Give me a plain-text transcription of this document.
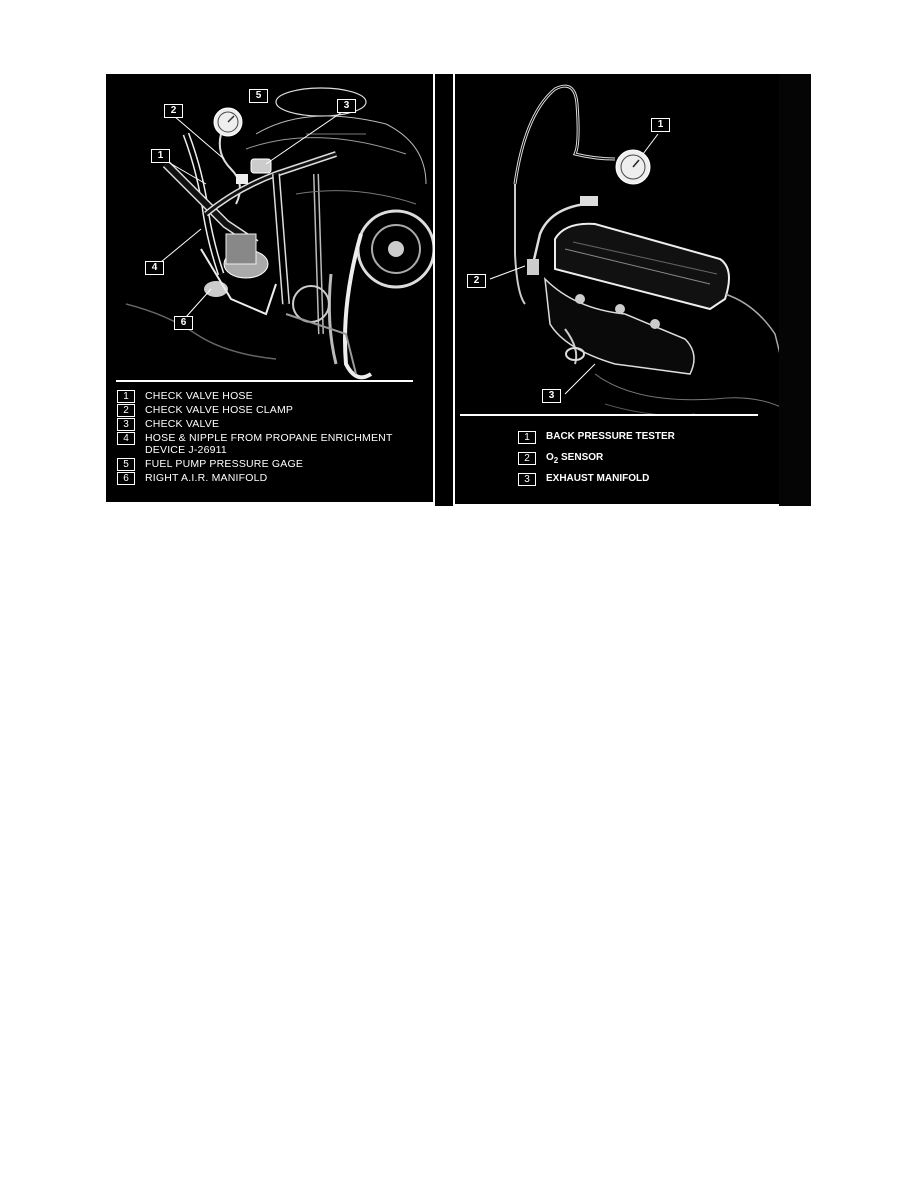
2
5
3
1
4
6
1	CHECK VALVE HOSE
2	CHECK VALVE HOSE CLAMP
3	CHECK VALVE
4	HOSE & NIPPLE FROM PROPANE ENRICHMENT
DEVICE J-26911
5	FUEL PUMP PRESSURE GAGE
6	RIGHT A.I.R. MANIFOLD
1
2
3
1	BACK PRESSURE TESTER
2	$O_2$ SENSOR
3	EXHAUST MANIFOLD
